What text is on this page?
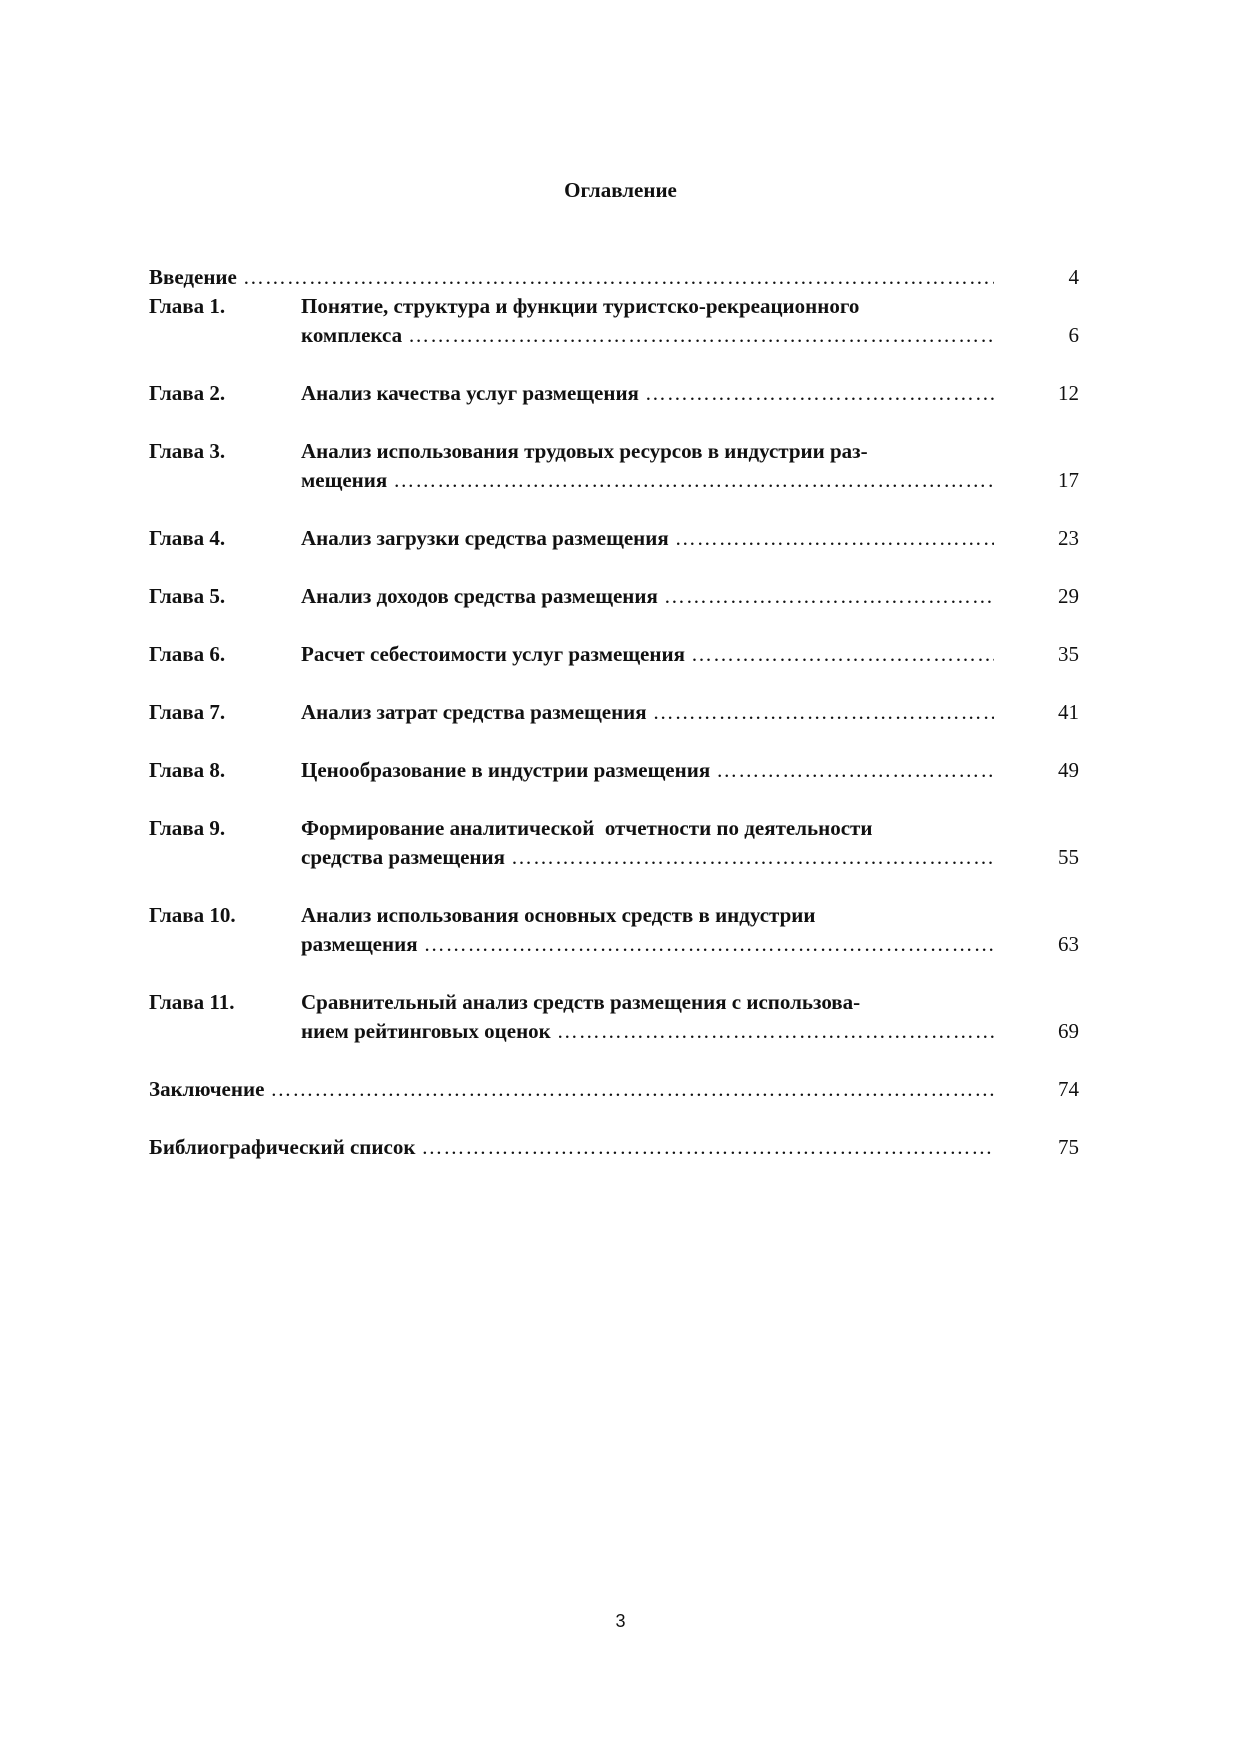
Оглавление
Введение …………………………………………………………………………………………………………………………………………	4
Глава 1.	Понятие, структура и функции туристско-рекреационного
комплекса …………………………………………………………………………………………………………………………………………	6
Глава 2.	Анализ качества услуг размещения …………………………………………………………………………………………………………………………………………	12
Глава 3.	Анализ использования трудовых ресурсов в индустрии раз-
мещения …………………………………………………………………………………………………………………………………………	17
Глава 4.	Анализ загрузки средства размещения …………………………………………………………………………………………………………………………………………	23
Глава 5.	Анализ доходов средства размещения …………………………………………………………………………………………………………………………………………	29
Глава 6.	Расчет себестоимости услуг размещения …………………………………………………………………………………………………………………………………………	35
Глава 7.	Анализ затрат средства размещения …………………………………………………………………………………………………………………………………………	41
Глава 8.	Ценообразование в индустрии размещения …………………………………………………………………………………………………………………………………………	49
Глава 9.	Формирование аналитической  отчетности по деятельности
средства размещения …………………………………………………………………………………………………………………………………………	55
Глава 10.	Анализ использования основных средств в индустрии
размещения …………………………………………………………………………………………………………………………………………	63
Глава 11.	Сравнительный анализ средств размещения с использова-
нием рейтинговых оценок …………………………………………………………………………………………………………………………………………	69
Заключение …………………………………………………………………………………………………………………………………………	74
Библиографический список …………………………………………………………………………………………………………………………………………	75
3
